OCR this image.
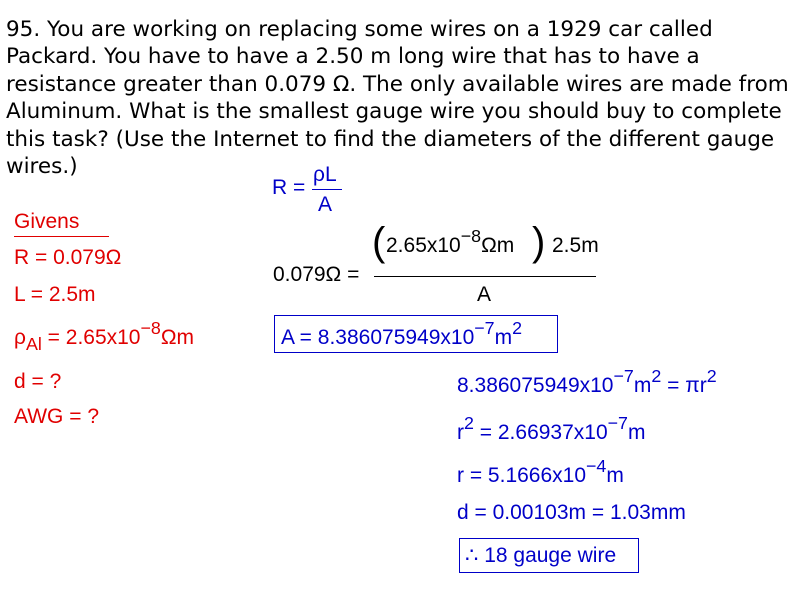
95. You are working on replacing some wires on a 1929 car called Packard. You have to have a 2.50 m long wire that has to have a resistance greater than 0.079 Ω. The only available wires are made from Aluminum. What is the smallest gauge wire you should buy to complete this task? (Use the Internet to find the diameters of the different gauge wires.)
Givens
R = 0.079Ω
L = 2.5m
$\rho_{Al} = 2.65x10^{-8}\Omega m$
d = ?
AWG = ?
R =
ρL
A
0.079Ω =
( $2.65x10^{-8}\Omega m$ ) 2.5m
A
$A = 8.386075949x10^{-7}m^2$
$8.386075949x10^{-7}m^2 = \pi r^2$
$r^2 = 2.66937x10^{-7}m$
$r = 5.1666x10^{-4}m$
d = 0.00103m = 1.03mm
∴ 18 gauge wire
